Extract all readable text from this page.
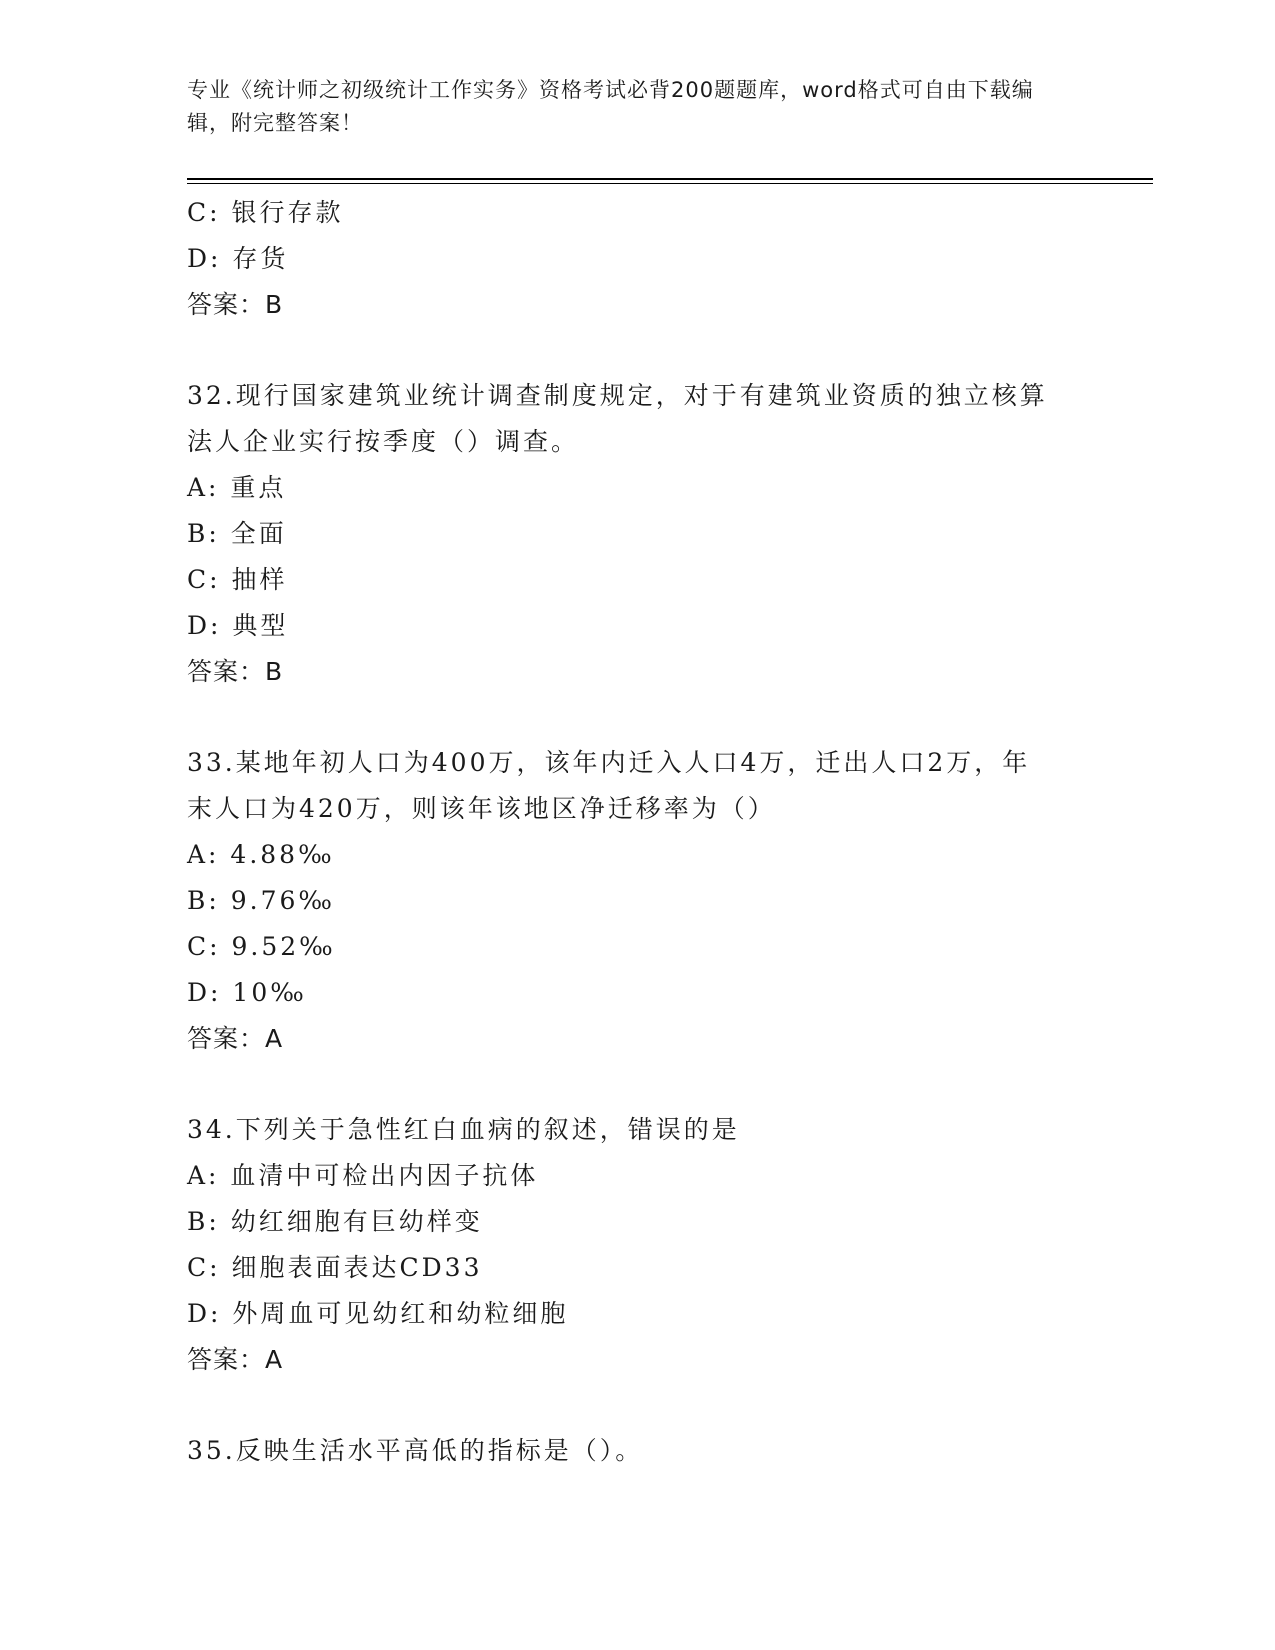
专业《统计师之初级统计工作实务》资格考试必背200题题库，word格式可自由下载编辑，附完整答案！
C: 银行存款
D: 存货
答案：B
32.现行国家建筑业统计调查制度规定，对于有建筑业资质的独立核算
法人企业实行按季度（）调查。
A: 重点
B: 全面
C: 抽样
D: 典型
答案：B
33.某地年初人口为400万，该年内迁入人口4万，迁出人口2万，年
末人口为420万，则该年该地区净迁移率为（）
A: 4.88‰
B: 9.76‰
C: 9.52‰
D: 10‰
答案：A
34.下列关于急性红白血病的叙述，错误的是
A: 血清中可检出内因子抗体
B: 幼红细胞有巨幼样变
C: 细胞表面表达CD33
D: 外周血可见幼红和幼粒细胞
答案：A
35.反映生活水平高低的指标是（）。
